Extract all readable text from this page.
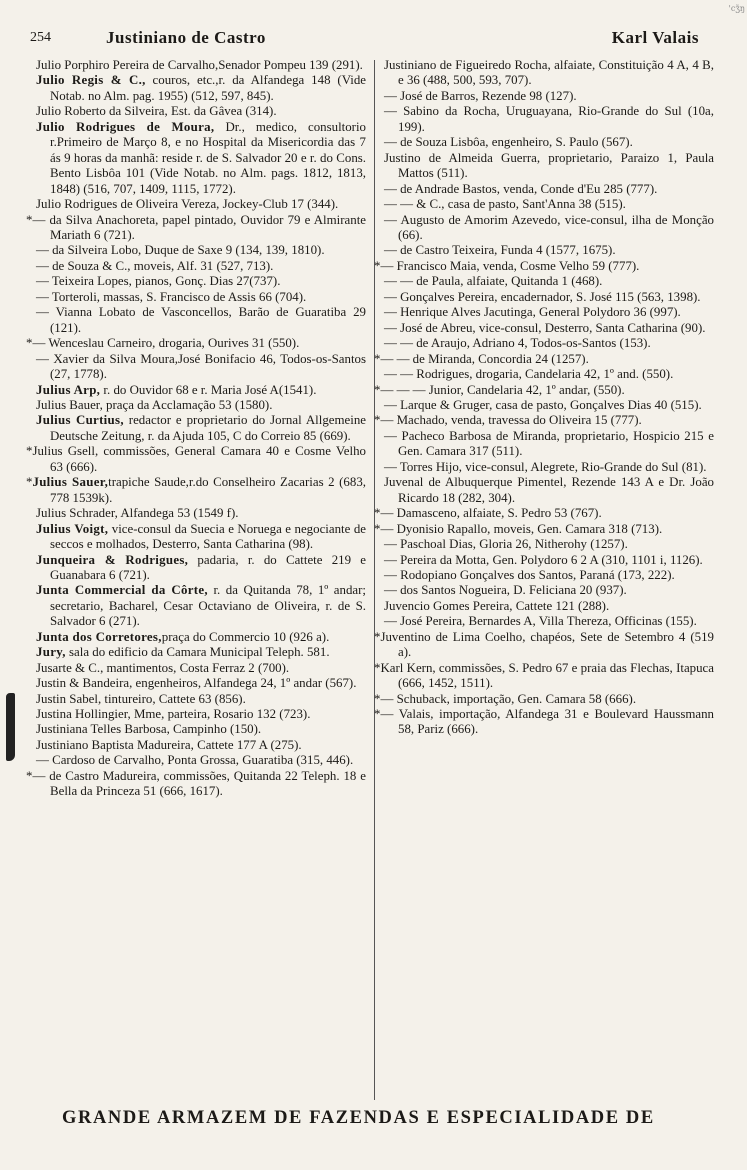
254	Justiniano de Castro	Karl Valais
'cʒ̃ŋ

Julio Porphiro Pereira de Carvalho,Senador Pompeu 139 (291).

Julio Regis & C., couros, etc.,r. da Alfandega 148 (Vide Notab. no Alm. pag. 1955) (512, 597, 845).

Julio Roberto da Silveira, Est. da Gâvea (314).

Julio Rodrigues de Moura, Dr., medico, consultorio r.Primeiro de Março 8, e no Hospital da Misericordia das 7 ás 9 horas da manhã: reside r. de S. Salvador 20 e r. do Cons. Bento Lisbôa 101 (Vide Notab. no Alm. pags. 1812, 1813, 1848) (516, 707, 1409, 1115, 1772).

Julio Rodrigues de Oliveira Vereza, Jockey-Club 17 (344).

*— da Silva Anachoreta, papel pintado, Ouvidor 79 e Almirante Mariath 6 (721).

— da Silveira Lobo, Duque de Saxe 9 (134, 139, 1810).

— de Souza & C., moveis, Alf. 31 (527, 713).

— Teixeira Lopes, pianos, Gonç. Dias 27(737).

— Torteroli, massas, S. Francisco de Assis 66 (704).

— Vianna Lobato de Vasconcellos, Barão de Guaratiba 29 (121).

*— Wenceslau Carneiro, drogaria, Ourives 31 (550).

— Xavier da Silva Moura,José Bonifacio 46, Todos-os-Santos (27, 1778).

Julius Arp, r. do Ouvidor 68 e r. Maria José A(1541).

Julius Bauer, praça da Acclamação 53 (1580).

Julius Curtius, redactor e proprietario do Jornal Allgemeine Deutsche Zeitung, r. da Ajuda 105, C do Correio 85 (669).

*Julius Gsell, commissões, General Camara 40 e Cosme Velho 63 (666).

*Julius Sauer,trapiche Saude,r.do Conselheiro Zacarias 2 (683, 778 1539k).

Julius Schrader, Alfandega 53 (1549 f).

Julius Voigt, vice-consul da Suecia e Noruega e negociante de seccos e molhados, Desterro, Santa Catharina (98).

Junqueira & Rodrigues, padaria, r. do Cattete 219 e Guanabara 6 (721).

Junta Commercial da Côrte, r. da Quitanda 78, 1º andar; secretario, Bacharel, Cesar Octaviano de Oliveira, r. de S. Salvador 6 (271).

Junta dos Corretores,praça do Commercio 10 (926 a).

Jury, sala do edificio da Camara Municipal Teleph. 581.

Jusarte & C., mantimentos, Costa Ferraz 2 (700).

Justin & Bandeira, engenheiros, Alfandega 24, 1º andar (567).

Justin Sabel, tintureiro, Cattete 63 (856).

Justina Hollingier, Mme, parteira, Rosario 132 (723).

Justiniana Telles Barbosa, Campinho (150).

Justiniano Baptista Madureira, Cattete 177 A (275).

— Cardoso de Carvalho, Ponta Grossa, Guaratiba (315, 446).

*— de Castro Madureira, commissões, Quitanda 22 Teleph. 18 e Bella da Princeza 51 (666, 1617).

Justiniano de Figueiredo Rocha, alfaiate, Constituição 4 A, 4 B, e 36 (488, 500, 593, 707).

— José de Barros, Rezende 98 (127).

— Sabino da Rocha, Uruguayana, Rio-Grande do Sul (10a, 199).

— de Souza Lisbôa, engenheiro, S. Paulo (567).

Justino de Almeida Guerra, proprietario, Paraizo 1, Paula Mattos (511).

— de Andrade Bastos, venda, Conde d'Eu 285 (777).

— — & C., casa de pasto, Sant'Anna 38 (515).

— Augusto de Amorim Azevedo, vice-consul, ilha de Monção (66).

— de Castro Teixeira, Funda 4 (1577, 1675).

*— Francisco Maia, venda, Cosme Velho 59 (777).

— — de Paula, alfaiate, Quitanda 1 (468).

— Gonçalves Pereira, encadernador, S. José 115 (563, 1398).

— Henrique Alves Jacutinga, General Polydoro 36 (997).

— José de Abreu, vice-consul, Desterro, Santa Catharina (90).

— — de Araujo, Adriano 4, Todos-os-Santos (153).

*— — de Miranda, Concordia 24 (1257).

— — Rodrigues, drogaria, Candelaria 42, 1º and. (550).

*— — — Junior, Candelaria 42, 1º andar, (550).

— Larque & Gruger, casa de pasto, Gonçalves Dias 40 (515).

*— Machado, venda, travessa do Oliveira 15 (777).

— Pacheco Barbosa de Miranda, proprietario, Hospicio 215 e Gen. Camara 317 (511).

— Torres Hijo, vice-consul, Alegrete, Rio-Grande do Sul (81).

Juvenal de Albuquerque Pimentel, Rezende 143 A e Dr. João Ricardo 18 (282, 304).

*— Damasceno, alfaiate, S. Pedro 53 (767).

*— Dyonisio Rapallo, moveis, Gen. Camara 318 (713).

— Paschoal Dias, Gloria 26, Nitherohy (1257).

— Pereira da Motta, Gen. Polydoro 6 2 A (310, 1101 i, 1126).

— Rodopiano Gonçalves dos Santos, Paraná (173, 222).

— dos Santos Nogueira, D. Feliciana 20 (937).

Juvencio Gomes Pereira, Cattete 121 (288).

— José Pereira, Bernardes A, Villa Thereza, Officinas (155).

*Juventino de Lima Coelho, chapéos, Sete de Setembro 4 (519 a).

*Karl Kern, commissões, S. Pedro 67 e praia das Flechas, Itapuca (666, 1452, 1511).

*— Schuback, importação, Gen. Camara 58 (666).

*— Valais, importação, Alfandega 31 e Boulevard Haussmann 58, Pariz (666).

GRANDE ARMAZEM DE FAZENDAS E ESPECIALIDADE DE
